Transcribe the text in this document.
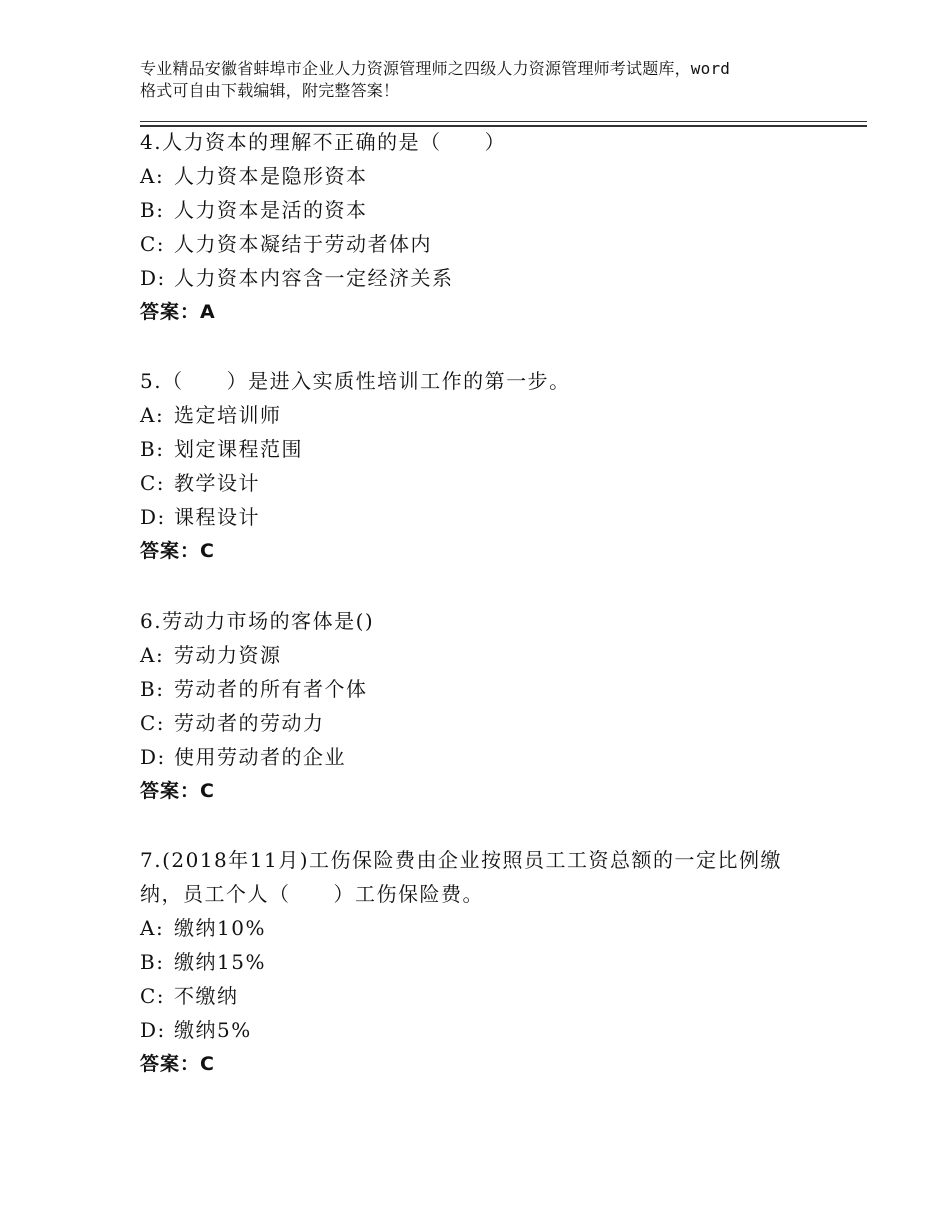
专业精品安徽省蚌埠市企业人力资源管理师之四级人力资源管理师考试题库，word
格式可自由下载编辑，附完整答案！
4.人力资本的理解不正确的是（　　）
A: 人力资本是隐形资本
B: 人力资本是活的资本
C: 人力资本凝结于劳动者体内
D: 人力资本内容含一定经济关系
答案：A
5.（　　）是进入实质性培训工作的第一步。
A: 选定培训师
B: 划定课程范围
C: 教学设计
D: 课程设计
答案：C
6.劳动力市场的客体是()
A: 劳动力资源
B: 劳动者的所有者个体
C: 劳动者的劳动力
D: 使用劳动者的企业
答案：C
7.(2018年11月)工伤保险费由企业按照员工工资总额的一定比例缴
纳，员工个人（　　）工伤保险费。
A: 缴纳10%
B: 缴纳15%
C: 不缴纳
D: 缴纳5%
答案：C
